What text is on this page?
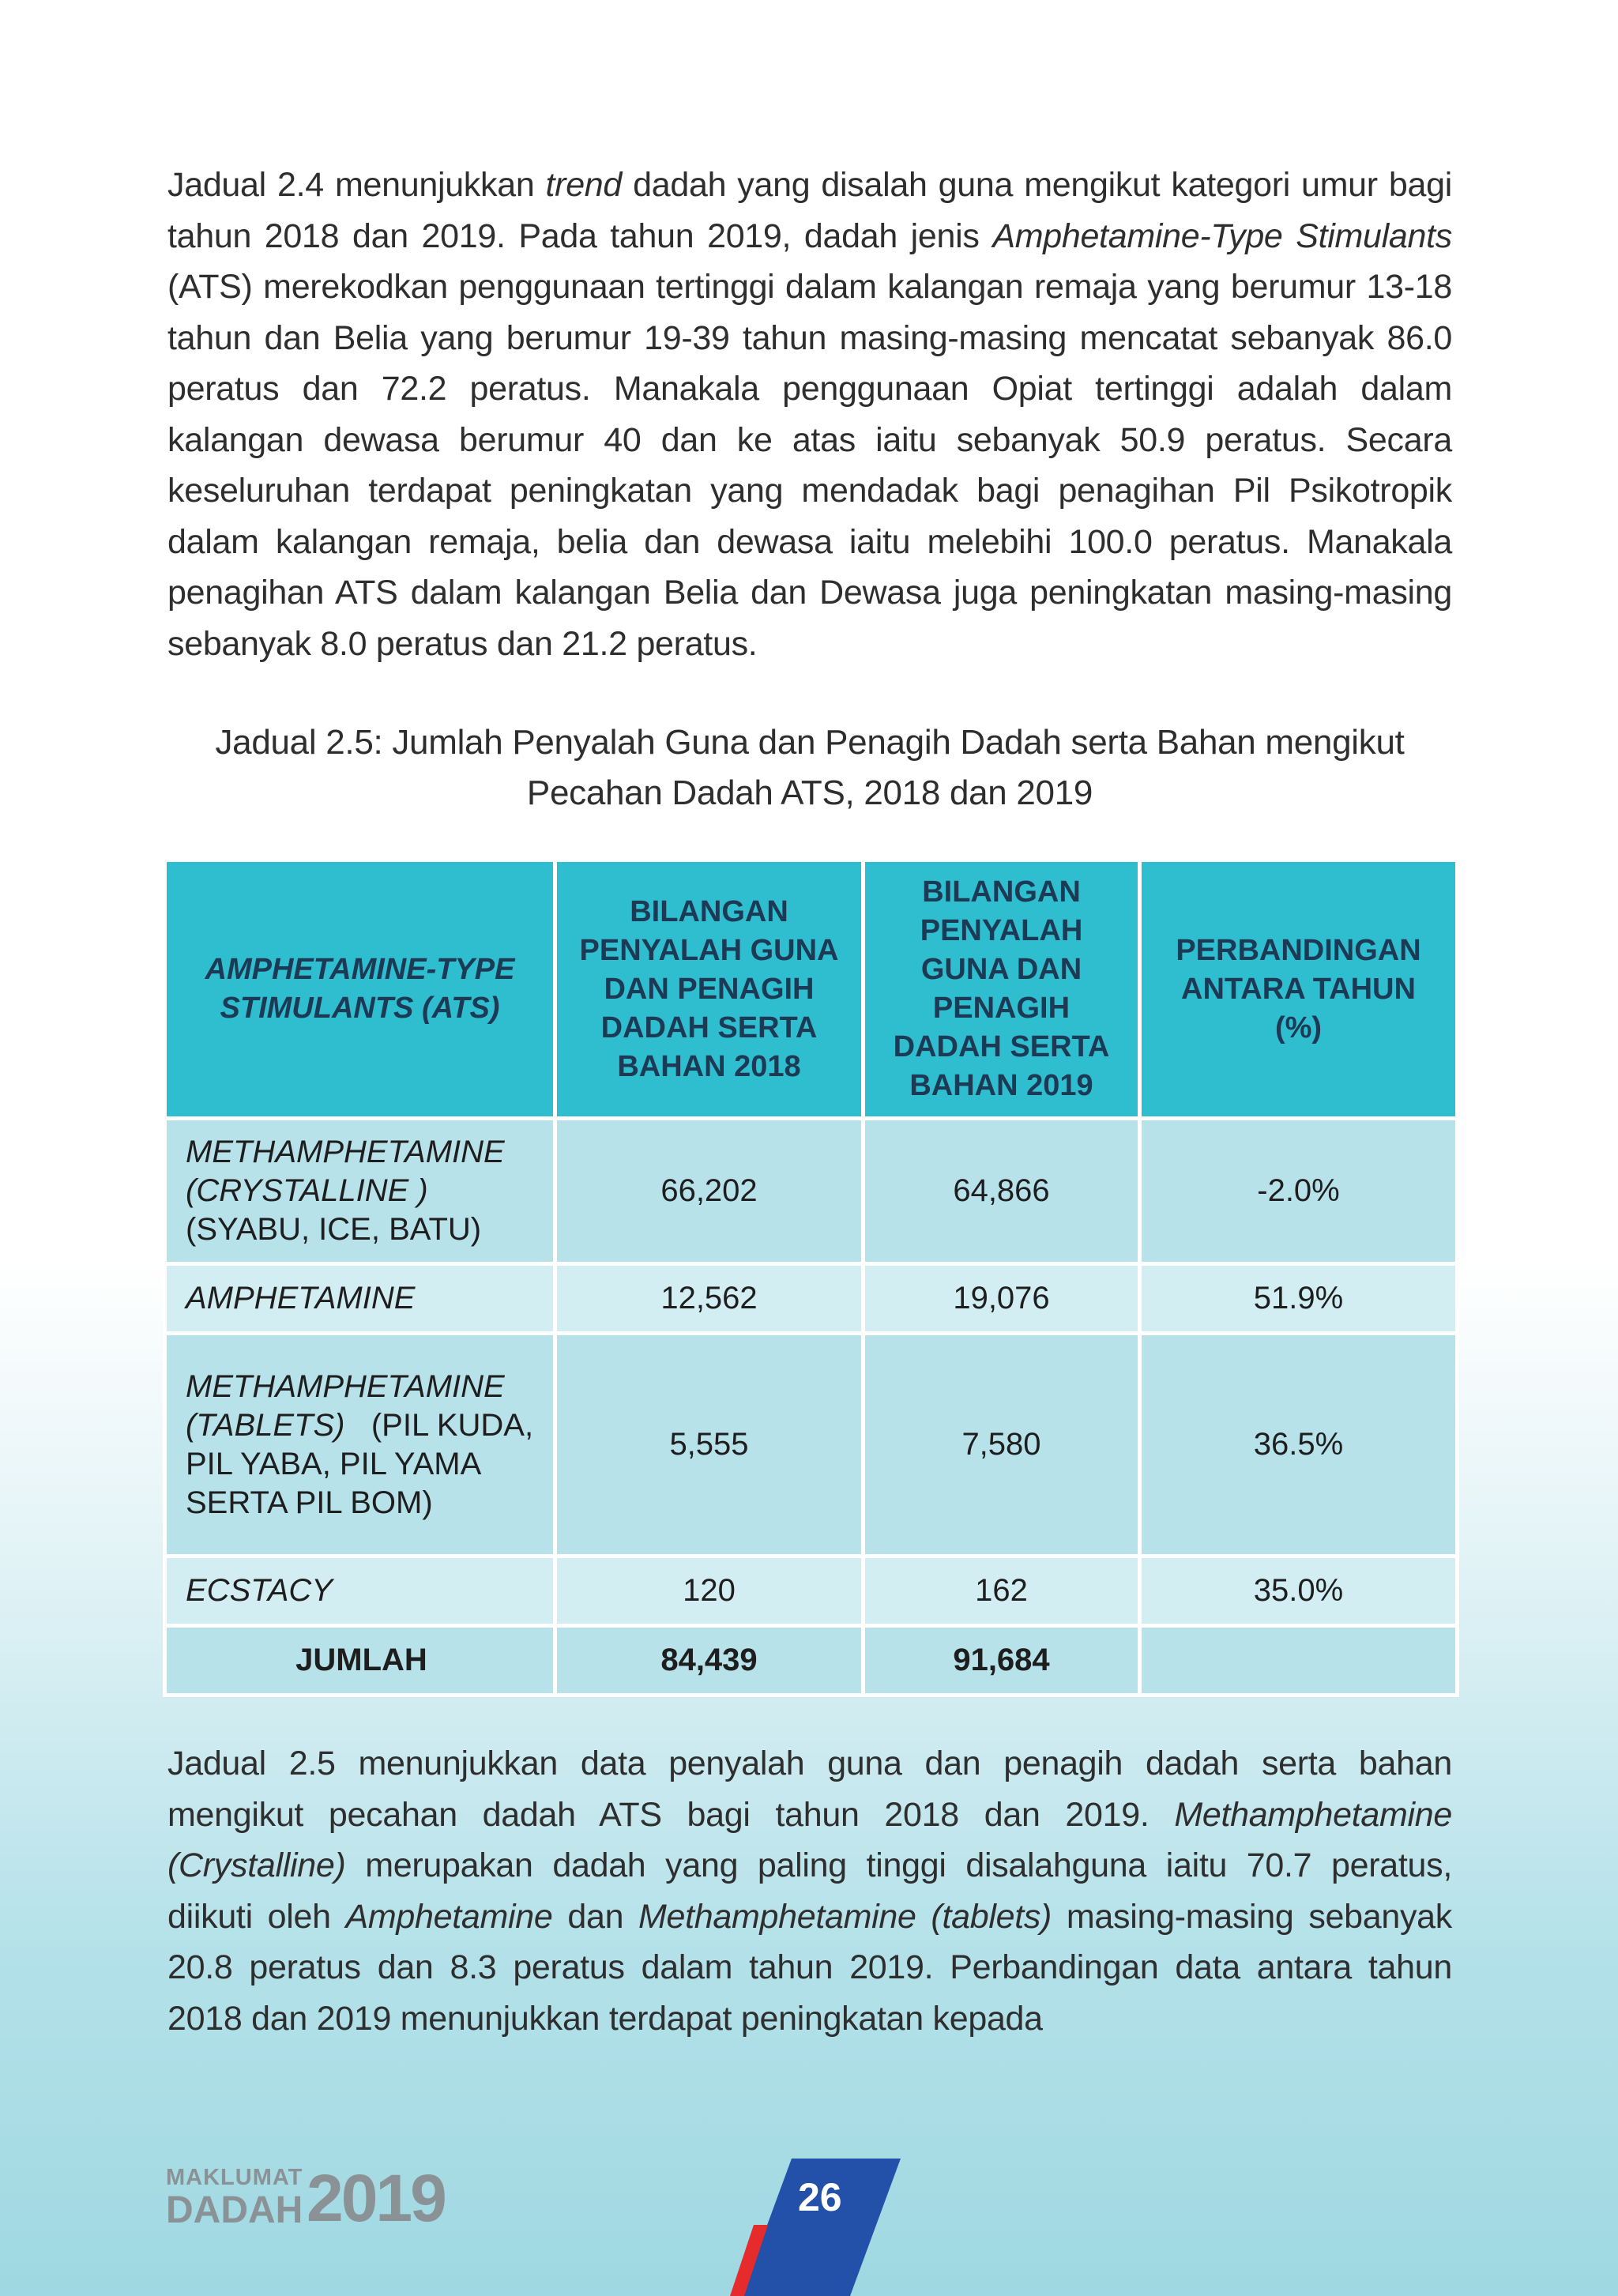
Jadual 2.4 menunjukkan trend dadah yang disalah guna mengikut kategori umur bagi tahun 2018 dan 2019. Pada tahun 2019, dadah jenis Amphetamine-Type Stimulants (ATS) merekodkan penggunaan tertinggi dalam kalangan remaja yang berumur 13-18 tahun dan Belia yang berumur 19-39 tahun masing-masing mencatat sebanyak 86.0 peratus dan 72.2 peratus. Manakala penggunaan Opiat tertinggi adalah dalam kalangan dewasa berumur 40 dan ke atas iaitu sebanyak 50.9 peratus. Secara keseluruhan terdapat peningkatan yang mendadak bagi penagihan Pil Psikotropik dalam kalangan remaja, belia dan dewasa iaitu melebihi 100.0 peratus. Manakala penagihan ATS dalam kalangan Belia dan Dewasa juga peningkatan masing-masing sebanyak 8.0 peratus dan 21.2 peratus.

Jadual 2.5: Jumlah Penyalah Guna dan Penagih Dadah serta Bahan mengikut
Pecahan Dadah ATS, 2018 dan 2019
AMPHETAMINE-TYPE STIMULANTS (ATS)	BILANGAN PENYALAH GUNA DAN PENAGIH DADAH SERTA BAHAN 2018	BILANGAN PENYALAH GUNA DAN PENAGIH DADAH SERTA BAHAN 2019	PERBANDINGAN ANTARA TAHUN (%)
METHAMPHETAMINE (CRYSTALLINE ) (SYABU, ICE, BATU)	66,202	64,866	-2.0%
AMPHETAMINE	12,562	19,076	51.9%
METHAMPHETAMINE (TABLETS)   (PIL KUDA, PIL YABA, PIL YAMA SERTA PIL BOM)	5,555	7,580	36.5%
ECSTACY	120	162	35.0%
JUMLAH	84,439	91,684	

Jadual 2.5 menunjukkan data penyalah guna dan penagih dadah serta bahan mengikut pecahan dadah ATS bagi tahun 2018 dan 2019. Methamphetamine (Crystalline) merupakan dadah yang paling tinggi disalahguna iaitu 70.7 peratus, diikuti oleh Amphetamine dan Methamphetamine (tablets) masing-masing sebanyak 20.8 peratus dan 8.3 peratus dalam tahun 2019. Perbandingan data antara tahun 2018 dan 2019 menunjukkan terdapat peningkatan kepada

MAKLUMAT
DADAH 2019	26
